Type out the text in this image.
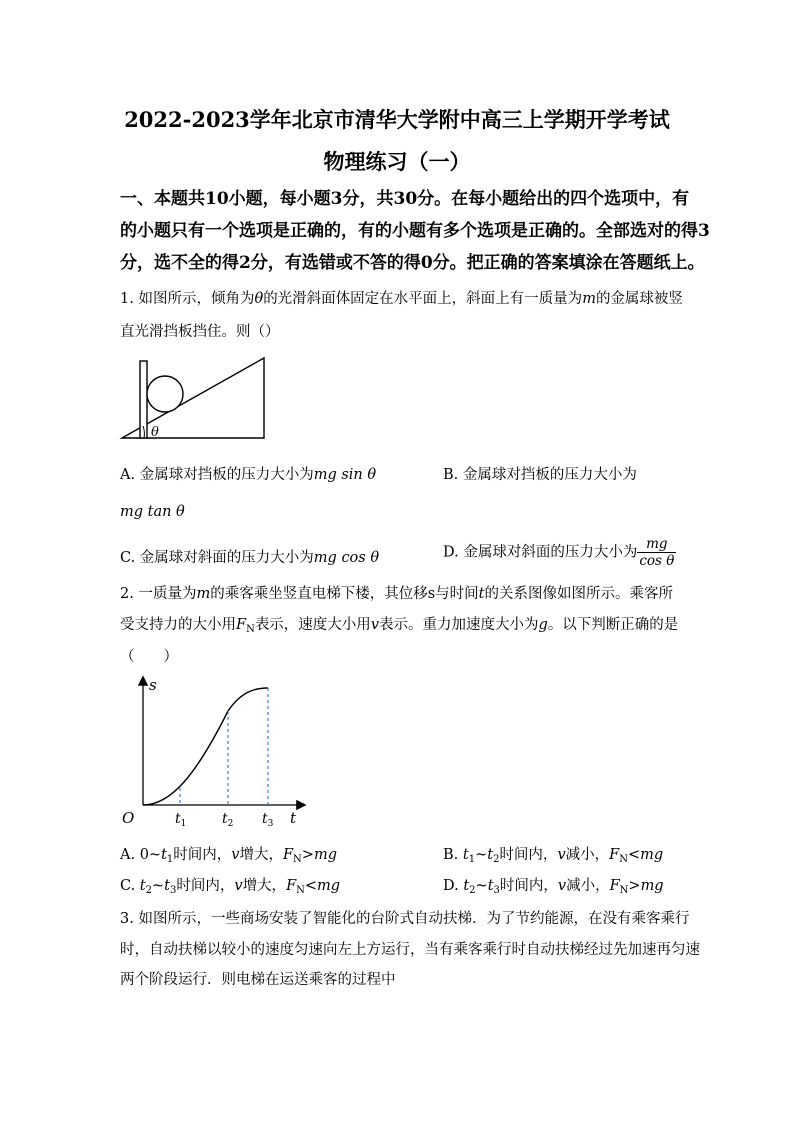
2022-2023学年北京市清华大学附中高三上学期开学考试
物理练习（一）
一、本题共10小题，每小题3分，共30分。在每小题给出的四个选项中，有
的小题只有一个选项是正确的，有的小题有多个选项是正确的。全部选对的得3
分，选不全的得2分，有选错或不答的得0分。把正确的答案填涂在答题纸上。
1. 如图所示，倾角为θ的光滑斜面体固定在水平面上，斜面上有一质量为m的金属球被竖
直光滑挡板挡住。则（）
θ
A. 金属球对挡板的压力大小为mg sin θ	B. 金属球对挡板的压力大小为
mg tan θ
C. 金属球对斜面的压力大小为mg cos θ	D. 金属球对斜面的压力大小为 $\frac{mg}{\text{cos θ}}$
2. 一质量为m的乘客乘坐竖直电梯下楼，其位移s与时间t的关系图像如图所示。乘客所
受支持力的大小用$F_N$表示，速度大小用v表示。重力加速度大小为g。以下判断正确的是
（　　）
s
t
O	$t_1$	$t_2$ $t_3$
A. $0\sim t_1$时间内，v增大，$F_N>mg$	B. $t_1\sim t_2$时间内，v减小，$F_N<mg$
C. $t_2\sim t_3$时间内，v增大，$F_N<mg$	D. $t_2\sim t_3$时间内，v减小，$F_N>mg$
3. 如图所示，一些商场安装了智能化的台阶式自动扶梯．为了节约能源，在没有乘客乘行
时，自动扶梯以较小的速度匀速向左上方运行，当有乘客乘行时自动扶梯经过先加速再匀速
两个阶段运行．则电梯在运送乘客的过程中
